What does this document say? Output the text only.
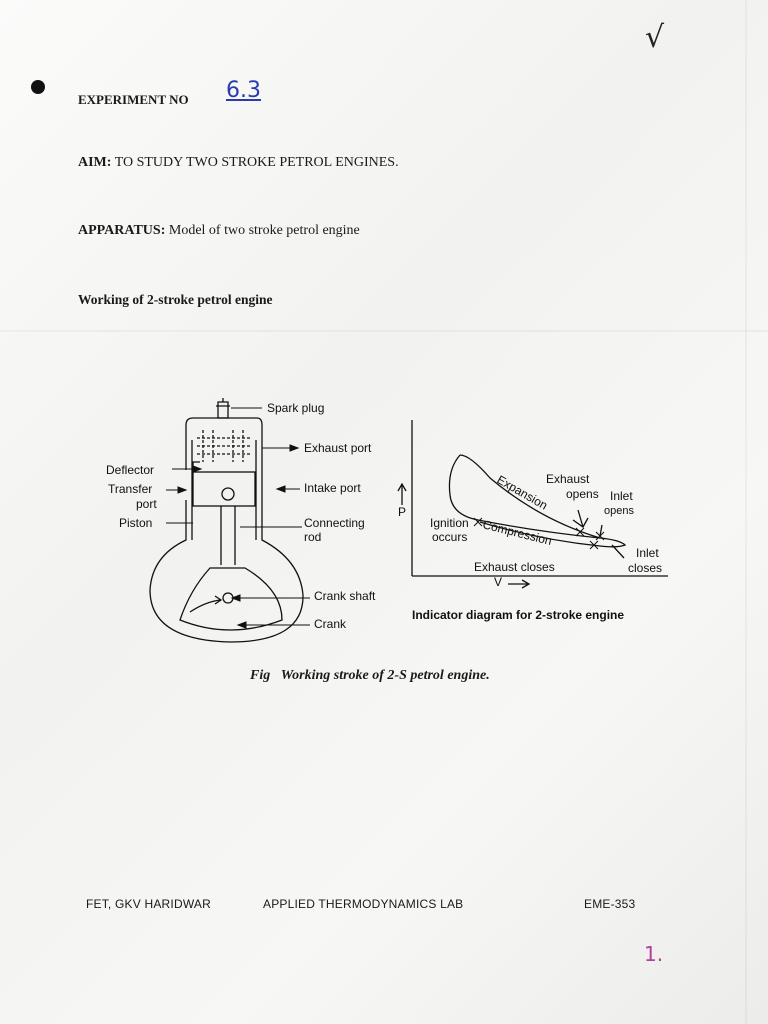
√
EXPERIMENT NO 6.3
AIM: TO STUDY TWO STROKE PETROL ENGINES.
APPARATUS: Model of two stroke petrol engine
Working of 2-stroke petrol engine
Spark plug
Exhaust port
Deflector
Transfer
port
Intake port
Piston	Connecting
rod
Crank shaft
Crank
P
V
Expansion
Exhaust
opens Inlet
opens
Ignition
occurs Compression
Exhaust closes
Inlet
closes
Indicator diagram for 2-stroke engine
Fig Working stroke of 2-S petrol engine.
FET, GKV HARIDWAR	APPLIED THERMODYNAMICS LAB	EME-353
1.
